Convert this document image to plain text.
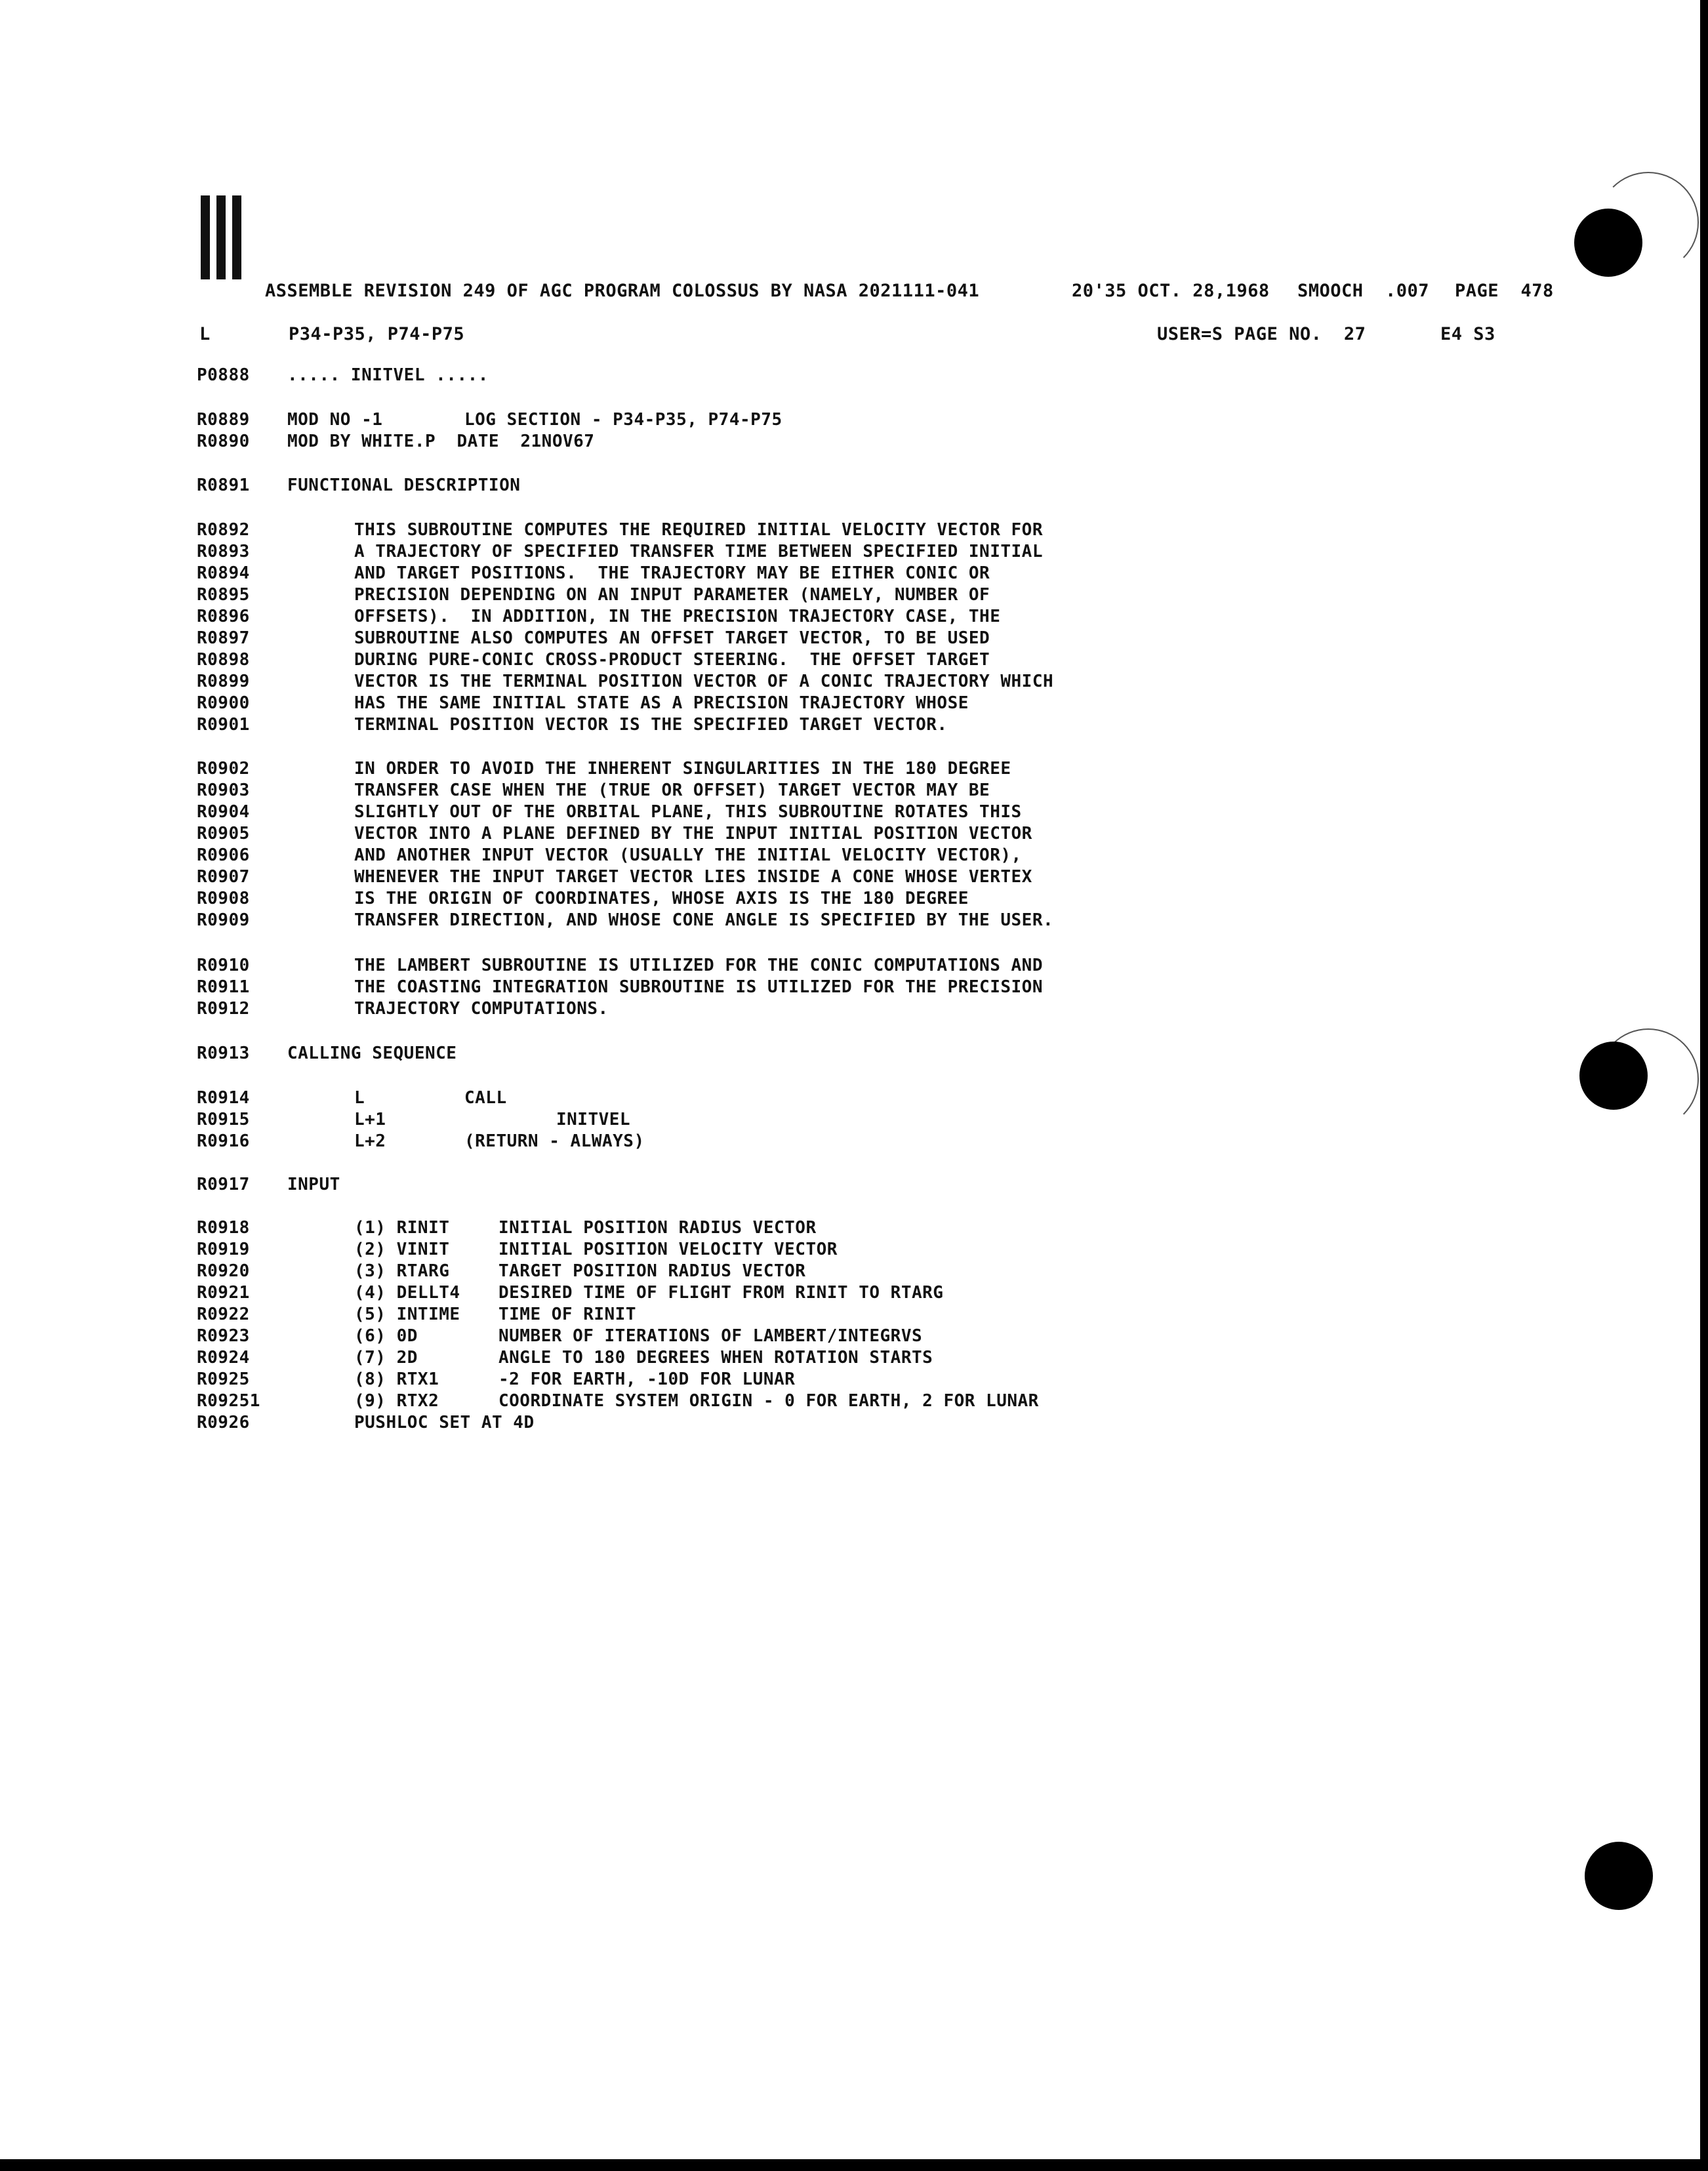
ASSEMBLE REVISION 249 OF AGC PROGRAM COLOSSUS BY NASA 2021111-041	20'35 OCT. 28,1968 SMOOCH .007 PAGE  478
L	P34-P35, P74-P75	USER=S PAGE NO.  27	E4 S3
P0888 ..... INITVEL .....
R0889 MOD NO -1	LOG SECTION - P34-P35, P74-P75
R0890 MOD BY WHITE.P  DATE  21NOV67
R0891 FUNCTIONAL DESCRIPTION
R0892	THIS SUBROUTINE COMPUTES THE REQUIRED INITIAL VELOCITY VECTOR FOR
R0893	A TRAJECTORY OF SPECIFIED TRANSFER TIME BETWEEN SPECIFIED INITIAL
R0894	AND TARGET POSITIONS.  THE TRAJECTORY MAY BE EITHER CONIC OR
R0895	PRECISION DEPENDING ON AN INPUT PARAMETER (NAMELY, NUMBER OF
R0896	OFFSETS).  IN ADDITION, IN THE PRECISION TRAJECTORY CASE, THE
R0897	SUBROUTINE ALSO COMPUTES AN OFFSET TARGET VECTOR, TO BE USED
R0898	DURING PURE-CONIC CROSS-PRODUCT STEERING.  THE OFFSET TARGET
R0899	VECTOR IS THE TERMINAL POSITION VECTOR OF A CONIC TRAJECTORY WHICH
R0900	HAS THE SAME INITIAL STATE AS A PRECISION TRAJECTORY WHOSE
R0901	TERMINAL POSITION VECTOR IS THE SPECIFIED TARGET VECTOR.
R0902	IN ORDER TO AVOID THE INHERENT SINGULARITIES IN THE 180 DEGREE
R0903	TRANSFER CASE WHEN THE (TRUE OR OFFSET) TARGET VECTOR MAY BE
R0904	SLIGHTLY OUT OF THE ORBITAL PLANE, THIS SUBROUTINE ROTATES THIS
R0905	VECTOR INTO A PLANE DEFINED BY THE INPUT INITIAL POSITION VECTOR
R0906	AND ANOTHER INPUT VECTOR (USUALLY THE INITIAL VELOCITY VECTOR),
R0907	WHENEVER THE INPUT TARGET VECTOR LIES INSIDE A CONE WHOSE VERTEX
R0908	IS THE ORIGIN OF COORDINATES, WHOSE AXIS IS THE 180 DEGREE
R0909	TRANSFER DIRECTION, AND WHOSE CONE ANGLE IS SPECIFIED BY THE USER.
R0910	THE LAMBERT SUBROUTINE IS UTILIZED FOR THE CONIC COMPUTATIONS AND
R0911	THE COASTING INTEGRATION SUBROUTINE IS UTILIZED FOR THE PRECISION
R0912	TRAJECTORY COMPUTATIONS.
R0913 CALLING SEQUENCE
R0914	L	CALL
R0915	L+1	INITVEL
R0916	L+2	(RETURN - ALWAYS)
R0917 INPUT
R0918	(1) RINIT	INITIAL POSITION RADIUS VECTOR
R0919	(2) VINIT	INITIAL POSITION VELOCITY VECTOR
R0920	(3) RTARG	TARGET POSITION RADIUS VECTOR
R0921	(4) DELLT4 DESIRED TIME OF FLIGHT FROM RINIT TO RTARG
R0922	(5) INTIME TIME OF RINIT
R0923	(6) 0D	NUMBER OF ITERATIONS OF LAMBERT/INTEGRVS
R0924	(7) 2D	ANGLE TO 180 DEGREES WHEN ROTATION STARTS
R0925	(8) RTX1	-2 FOR EARTH, -10D FOR LUNAR
R09251	(9) RTX2	COORDINATE SYSTEM ORIGIN - 0 FOR EARTH, 2 FOR LUNAR
R0926	PUSHLOC SET AT 4D
